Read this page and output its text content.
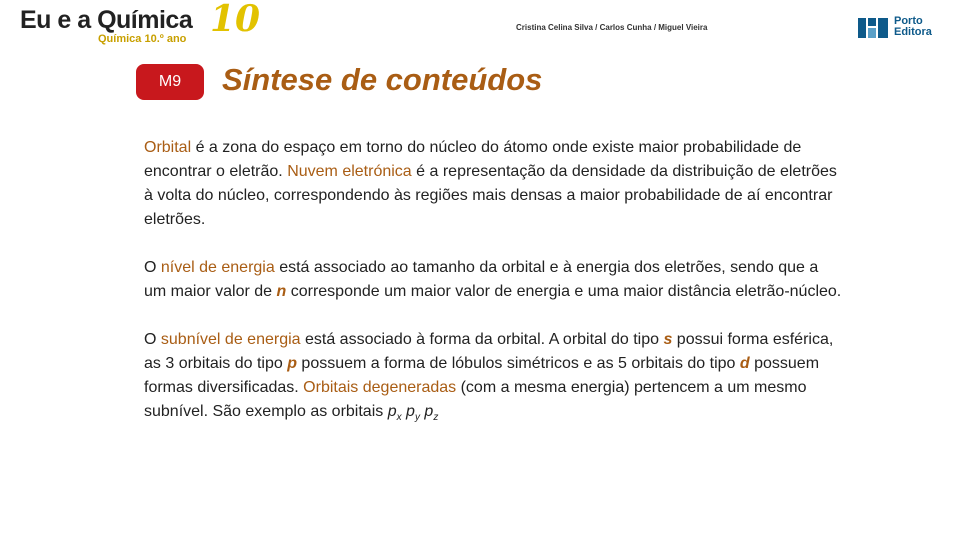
Eu e a Química
Química 10.º ano 10	Cristina Celina Silva / Carlos Cunha / Miguel Vieira
Porto
Editora
M9	Síntese de conteúdos

Orbital é a zona do espaço em torno do núcleo do átomo onde existe maior probabilidade de encontrar o eletrão. Nuvem eletrónica é a representação da densidade da distribuição de eletrões à volta do núcleo, correspondendo às regiões mais densas a maior probabilidade de aí encontrar eletrões.

O nível de energia está associado ao tamanho da orbital e à energia dos eletrões, sendo que a um maior valor de n corresponde um maior valor de energia e uma maior distância eletrão-núcleo.

O subnível de energia está associado à forma da orbital. A orbital do tipo s possui forma esférica, as 3 orbitais do tipo p possuem a forma de lóbulos simétricos e as 5 orbitais do tipo d possuem formas diversificadas. Orbitais degeneradas (com a mesma energia) pertencem a um mesmo subnível. São exemplo as orbitais $p_x$ $p_y$ $p_z$
